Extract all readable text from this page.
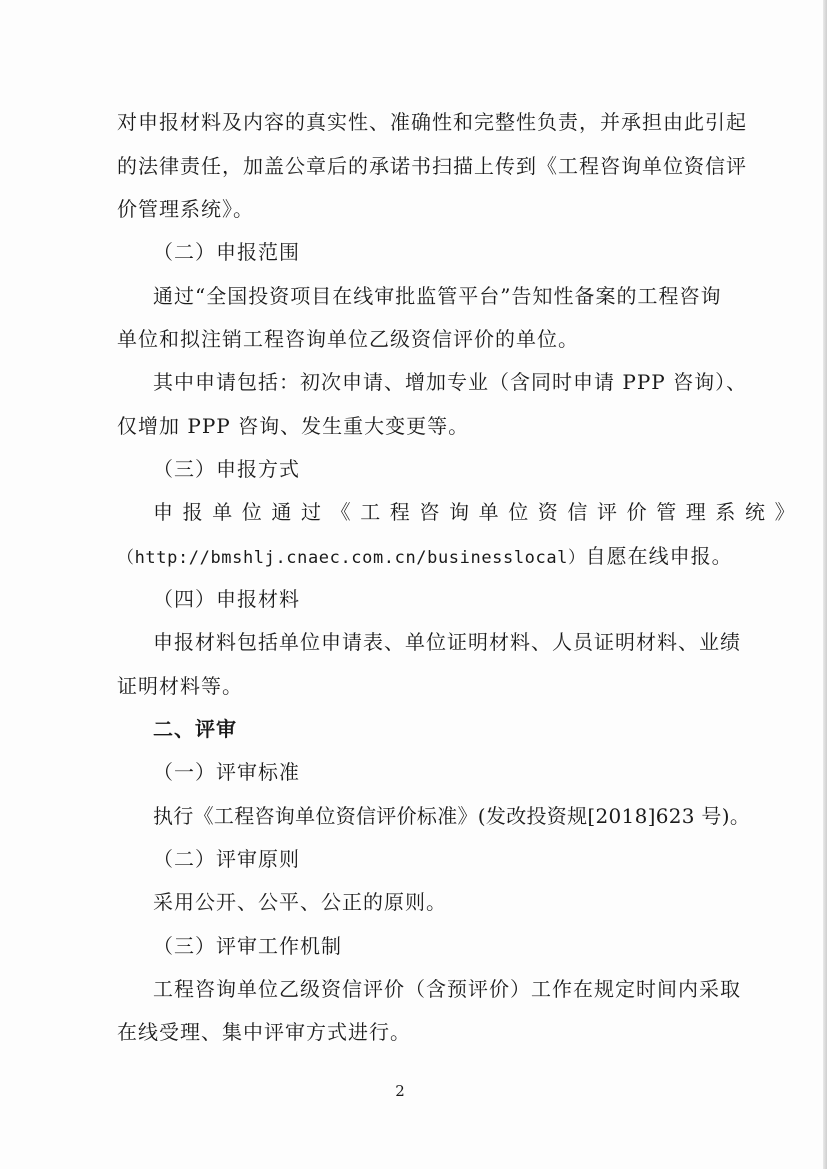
对申报材料及内容的真实性、准确性和完整性负责，并承担由此引起
的法律责任，加盖公章后的承诺书扫描上传到《工程咨询单位资信评
价管理系统》。
（二）申报范围
通过“全国投资项目在线审批监管平台”告知性备案的工程咨询
单位和拟注销工程咨询单位乙级资信评价的单位。
其中申请包括：初次申请、增加专业（含同时申请 PPP 咨询）、
仅增加 PPP 咨询、发生重大变更等。
（三）申报方式
申报单位通过《工程咨询单位资信评价管理系统》
（http://bmshlj.cnaec.com.cn/businesslocal）自愿在线申报。
（四）申报材料
申报材料包括单位申请表、单位证明材料、人员证明材料、业绩
证明材料等。
二、评审
（一）评审标准
执行《工程咨询单位资信评价标准》(发改投资规[2018]623 号)。
（二）评审原则
采用公开、公平、公正的原则。
（三）评审工作机制
工程咨询单位乙级资信评价（含预评价）工作在规定时间内采取
在线受理、集中评审方式进行。
2
